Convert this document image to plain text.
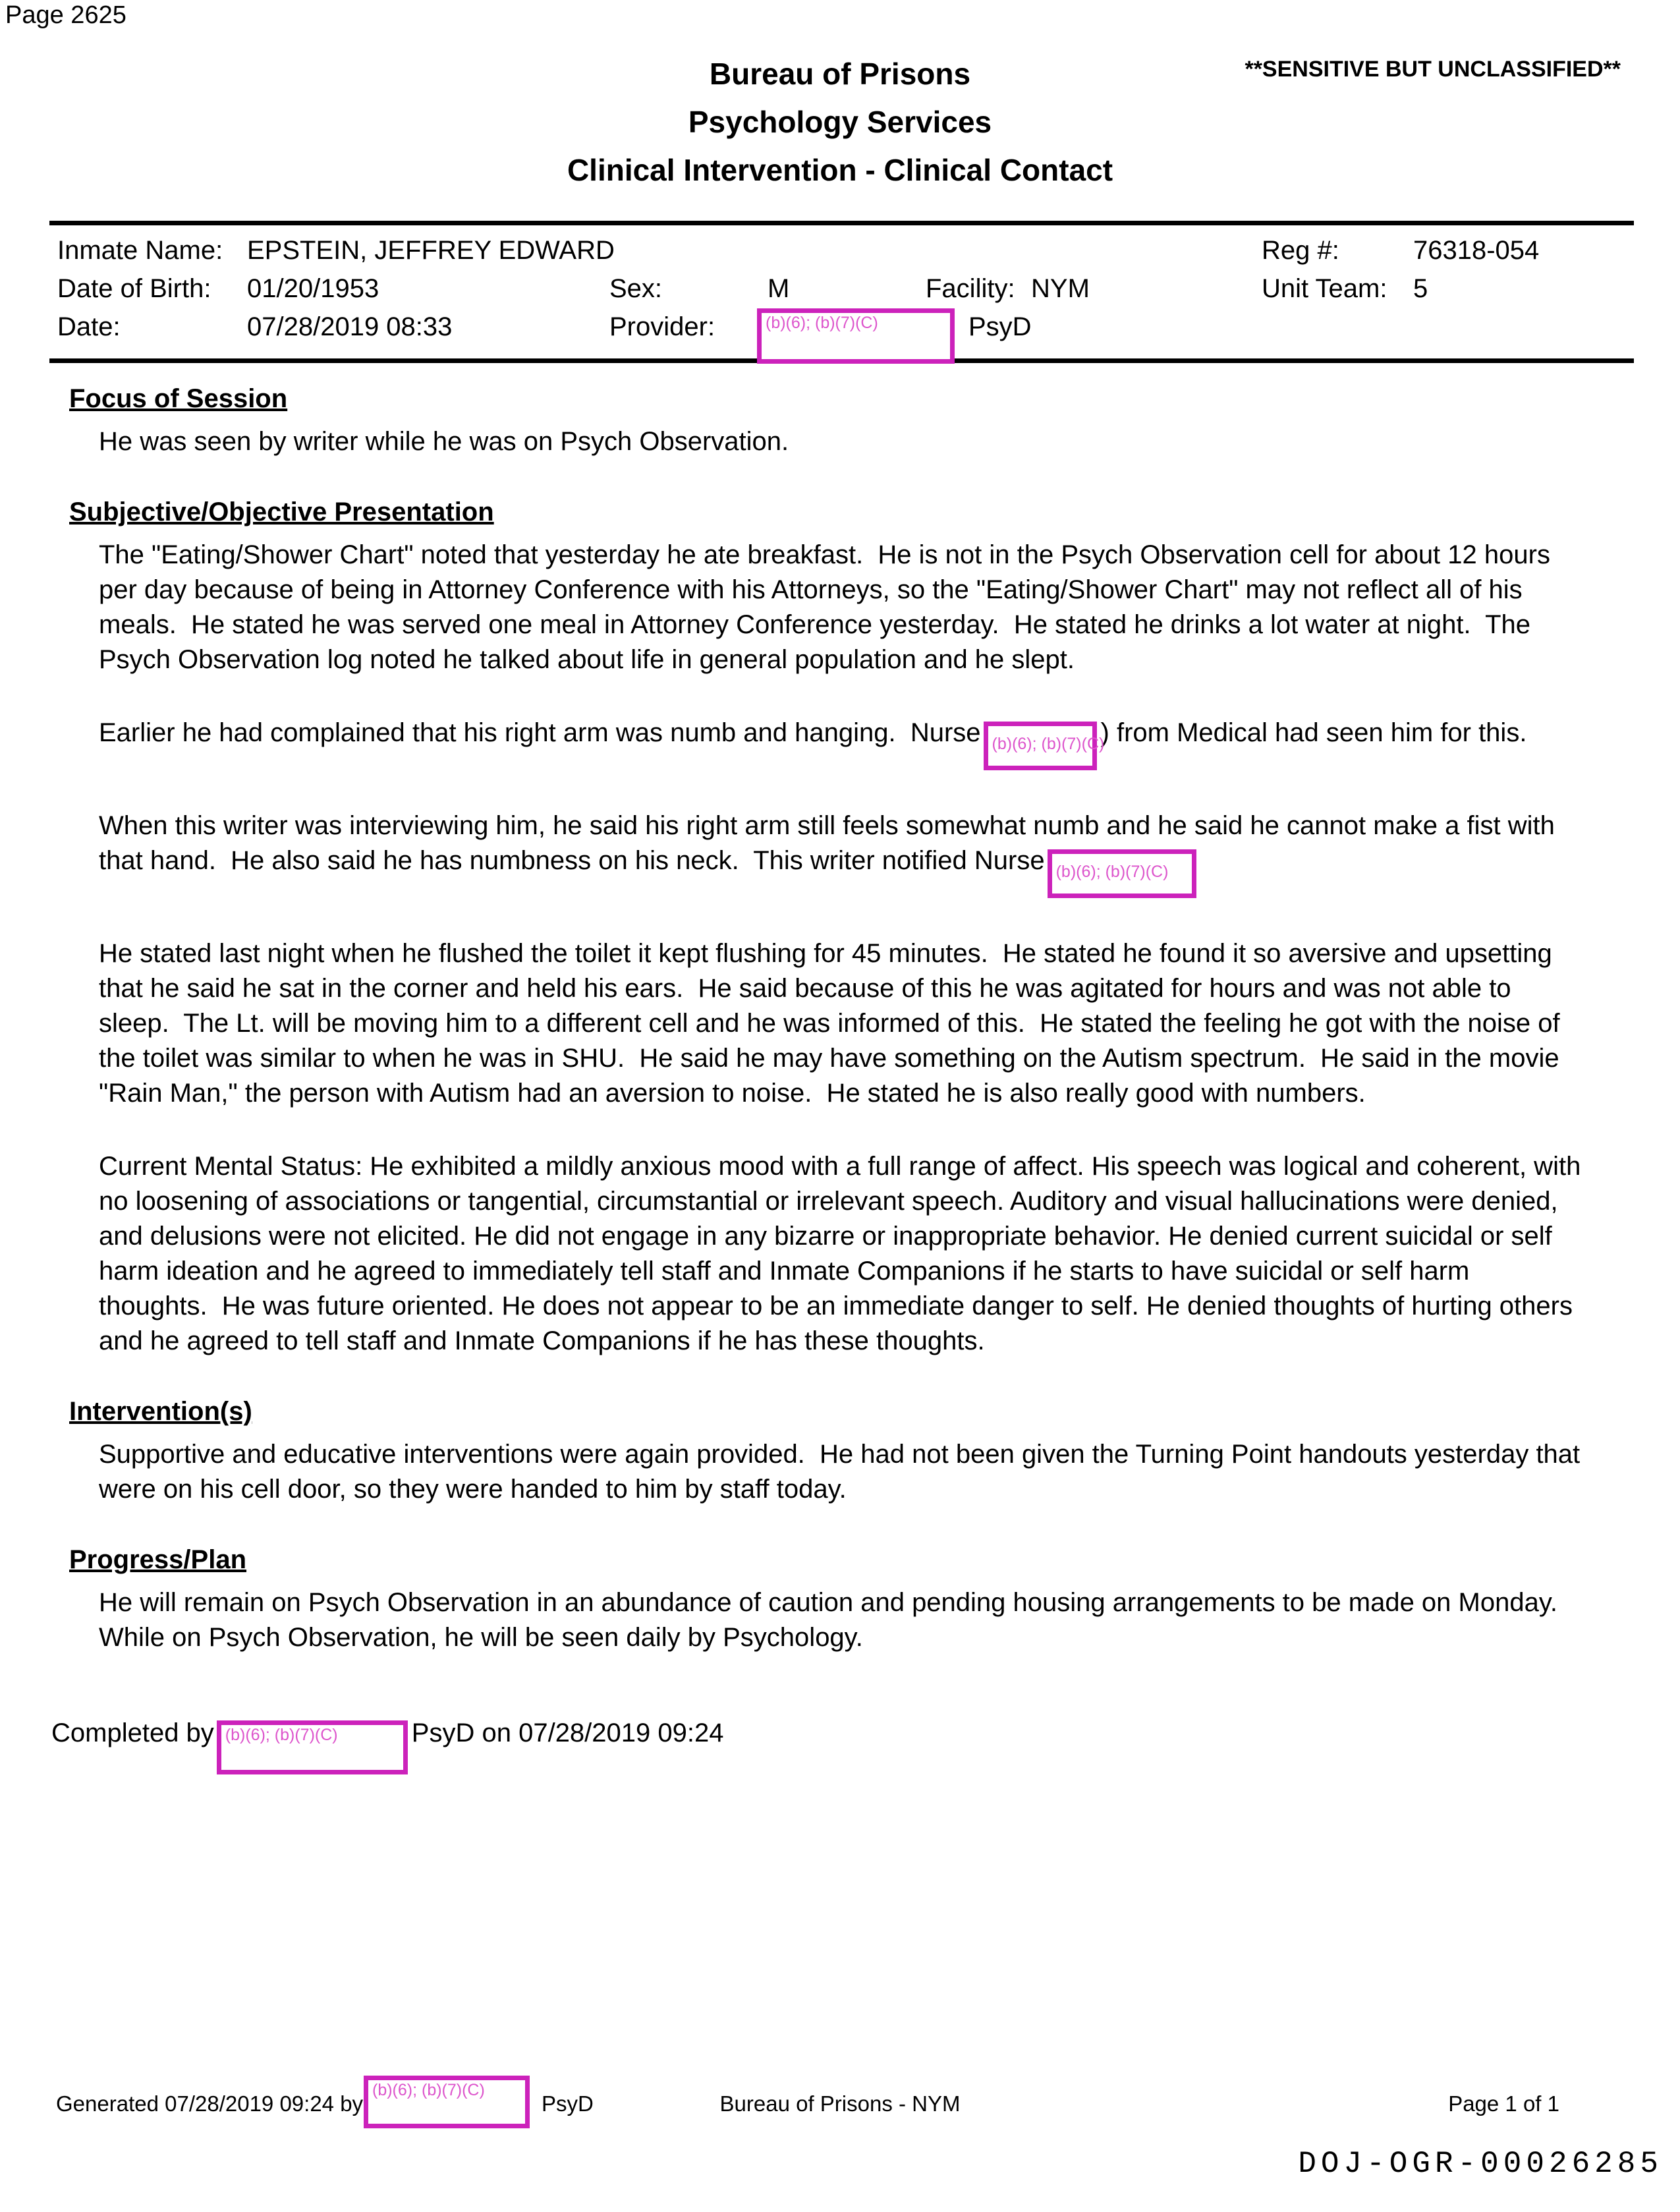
Page 2625
Bureau of Prisons
Psychology Services
Clinical Intervention - Clinical Contact
**SENSITIVE BUT UNCLASSIFIED**
Inmate Name: EPSTEIN, JEFFREY EDWARD	Reg #:	76318-054
Date of Birth: 01/20/1953	Sex:	M	Facility: NYM	Unit Team: 5
Date:	07/28/2019 08:33	Provider:	(b)(6); (b)(7)(C)	PsyD
Focus of Session
He was seen by writer while he was on Psych Observation.
Subjective/Objective Presentation
The "Eating/Shower Chart" noted that yesterday he ate breakfast.  He is not in the Psych Observation cell for about 12 hours per day because of being in Attorney Conference with his Attorneys, so the "Eating/Shower Chart" may not reflect all of his meals.  He stated he was served one meal in Attorney Conference yesterday.  He stated he drinks a lot water at night.  The Psych Observation log noted he talked about life in general population and he slept.
Earlier he had complained that his right arm was numb and hanging.  Nurse (b)(6); (b)(7)(C)
) from Medical had seen him for this.
When this writer was interviewing him, he said his right arm still feels somewhat numb and he said he cannot make a fist with that hand.  He also said he has numbness on his neck.  This writer notified Nurse (b)(6); (b)(7)(C)
He stated last night when he flushed the toilet it kept flushing for 45 minutes.  He stated he found it so aversive and upsetting that he said he sat in the corner and held his ears.  He said because of this he was agitated for hours and was not able to sleep.  The Lt. will be moving him to a different cell and he was informed of this.  He stated the feeling he got with the noise of the toilet was similar to when he was in SHU.  He said he may have something on the Autism spectrum.  He said in the movie "Rain Man," the person with Autism had an aversion to noise.  He stated he is also really good with numbers.
Current Mental Status: He exhibited a mildly anxious mood with a full range of affect. His speech was logical and coherent, with no loosening of associations or tangential, circumstantial or irrelevant speech. Auditory and visual hallucinations were denied, and delusions were not elicited. He did not engage in any bizarre or inappropriate behavior. He denied current suicidal or self harm ideation and he agreed to immediately tell staff and Inmate Companions if he starts to have suicidal or self harm thoughts.  He was future oriented. He does not appear to be an immediate danger to self. He denied thoughts of hurting others and he agreed to tell staff and Inmate Companions if he has these thoughts.
Intervention(s)
Supportive and educative interventions were again provided.  He had not been given the Turning Point handouts yesterday that were on his cell door, so they were handed to him by staff today.
Progress/Plan
He will remain on Psych Observation in an abundance of caution and pending housing arrangements to be made on Monday. While on Psych Observation, he will be seen daily by Psychology.
Completed by (b)(6); (b)(7)(C)	PsyD on 07/28/2019 09:24
Generated 07/28/2019 09:24 by
(b)(6); (b)(7)(C)
PsyD	Bureau of Prisons - NYM	Page 1 of 1
DOJ-OGR-00026285
